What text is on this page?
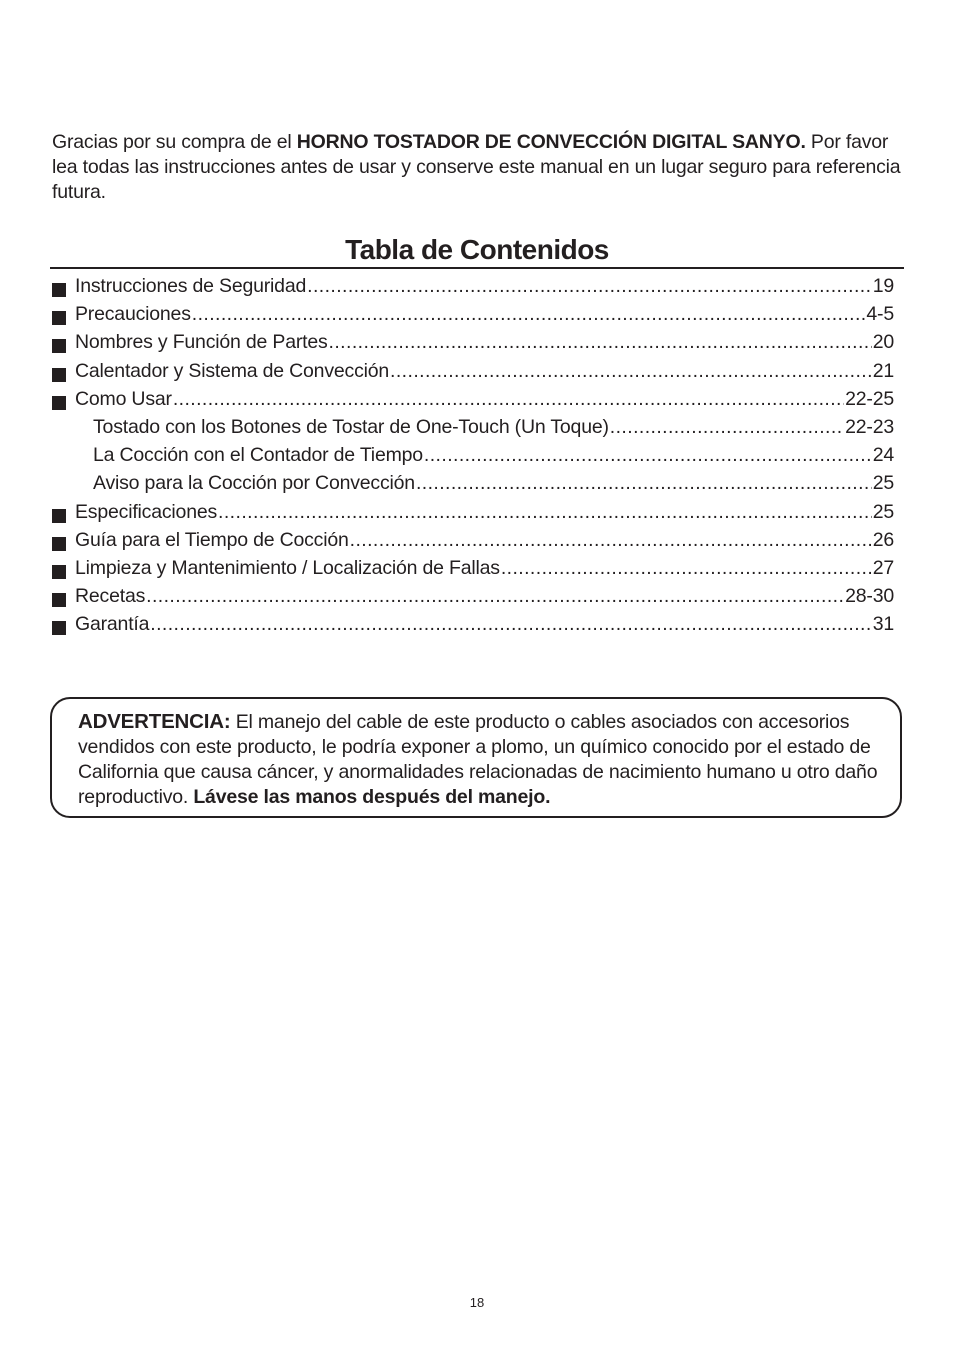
Gracias por su compra de el HORNO TOSTADOR DE CONVECCIÓN DIGITAL SANYO. Por favor lea todas las instrucciones antes de usar y conserve este manual en un lugar seguro para referencia futura.

Tabla de Contenidos
Instrucciones de Seguridad .....	19
Precauciones .....	4-5
Nombres y Función de Partes .....	20
Calentador y Sistema de Convección .....	21
Como Usar .....	22-25
Tostado con los Botones de Tostar de One-Touch (Un Toque) .....	22-23
La Cocción con el Contador de Tiempo .....	24
Aviso para la Cocción por Convección .....	25
Especificaciones .....	25
Guía para el Tiempo de Cocción .....	26
Limpieza y Mantenimiento / Localización de Fallas .....	27
Recetas .....	28-30
Garantía .....	31
ADVERTENCIA: El manejo del cable de este producto o cables asociados con accesorios vendidos con este producto, le podría exponer a plomo, un químico conocido por el estado de California que causa cáncer, y anormalidades relacionadas de nacimiento humano u otro daño reproductivo. Lávese las manos después del manejo.
18
